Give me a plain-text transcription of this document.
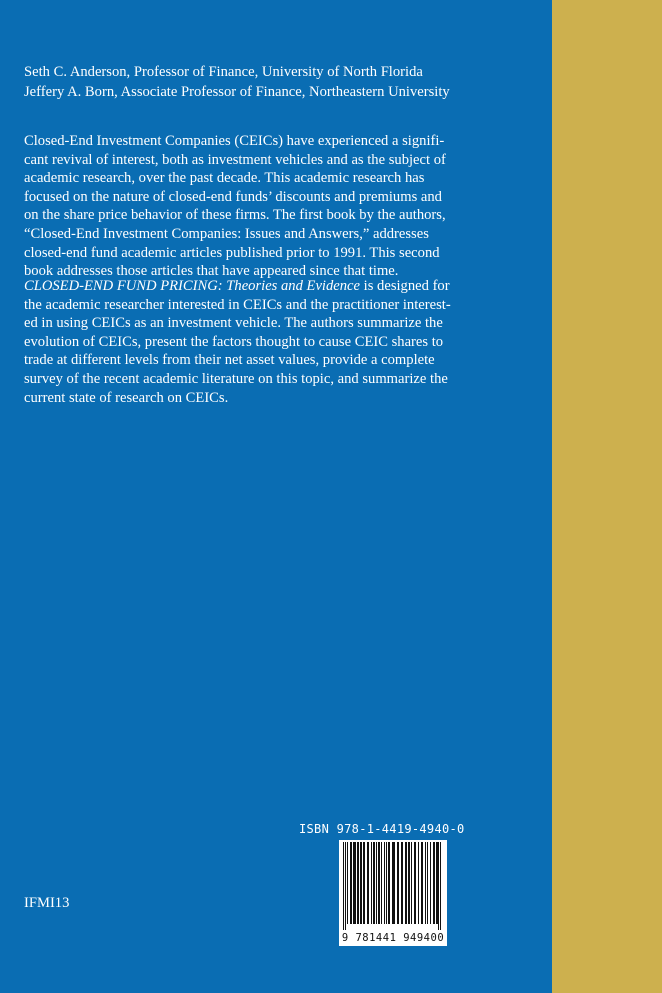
Seth C. Anderson, Professor of Finance, University of North Florida
Jeffery A. Born, Associate Professor of Finance, Northeastern University
Closed-End Investment Companies (CEICs) have experienced a signifi-
cant revival of interest, both as investment vehicles and as the subject of
academic research, over the past decade. This academic research has
focused on the nature of closed-end funds’ discounts and premiums and
on the share price behavior of these firms. The first book by the authors,
“Closed-End Investment Companies: Issues and Answers,” addresses
closed-end fund academic articles published prior to 1991. This second
book addresses those articles that have appeared since that time.
CLOSED-END FUND PRICING: Theories and Evidence is designed for
the academic researcher interested in CEICs and the practitioner interest-
ed in using CEICs as an investment vehicle. The authors summarize the
evolution of CEICs, present the factors thought to cause CEIC shares to
trade at different levels from their net asset values, provide a complete
survey of the recent academic literature on this topic, and summarize the
current state of research on CEICs.
ISBN 978-1-4419-4940-0
9 781441 949400
IFMI13
